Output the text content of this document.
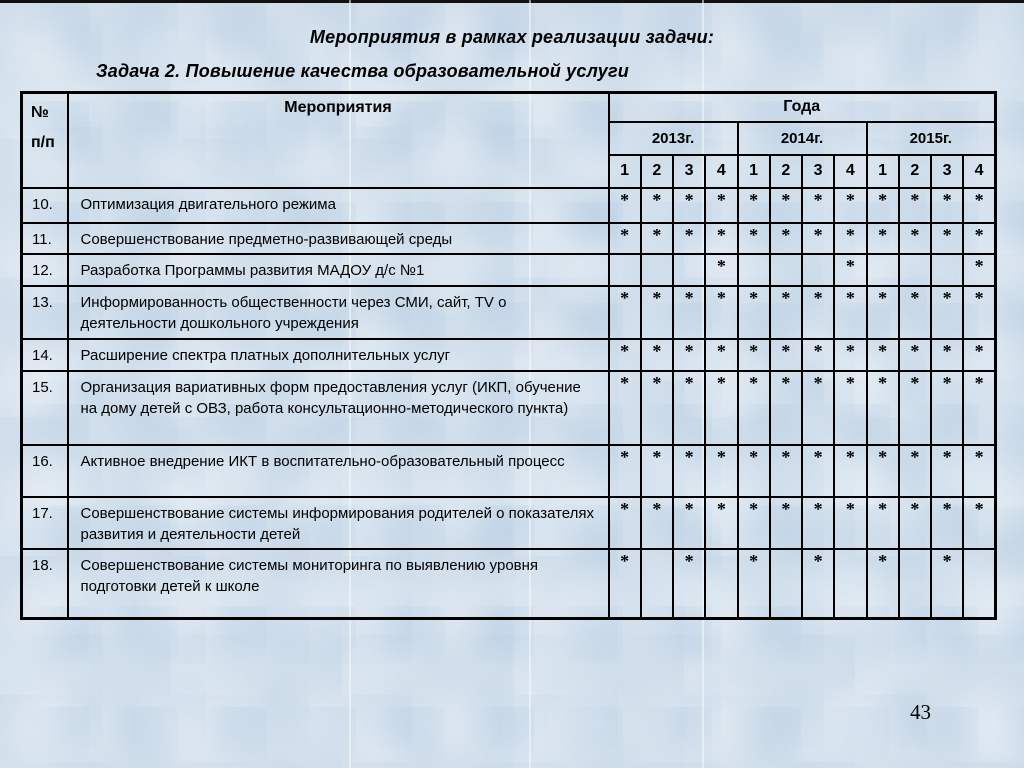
Мероприятия в рамках реализации задачи:
Задача 2. Повышение качества образовательной услуги
№
п/п	Мероприятия	Года											
		2013г.				2014г.				2015г.			
		1	2	3	4	1	2	3	4	1	2	3	4
10.	Оптимизация двигательного режима	*	*	*	*	*	*	*	*	*	*	*	*
11.	Совершенствование предметно-развивающей среды	*	*	*	*	*	*	*	*	*	*	*	*
12.	Разработка Программы развития МАДОУ д/с №1				*				*				*
13.	Информированность общественности через СМИ, сайт, TV о деятельности дошкольного учреждения	*	*	*	*	*	*	*	*	*	*	*	*
14.	Расширение спектра платных дополнительных услуг	*	*	*	*	*	*	*	*	*	*	*	*
15.	Организация вариативных форм предоставления услуг (ИКП, обучение на дому детей с ОВЗ, работа консультационно-методического пункта)	*	*	*	*	*	*	*	*	*	*	*	*
16.	Активное внедрение ИКТ в воспитательно-образовательный процесс	*	*	*	*	*	*	*	*	*	*	*	*
17.	Совершенствование системы информирования родителей о показателях развития и деятельности детей	*	*	*	*	*	*	*	*	*	*	*	*
18.	Совершенствование системы мониторинга по выявлению уровня подготовки детей к школе	*		*		*		*		*		*	
43
